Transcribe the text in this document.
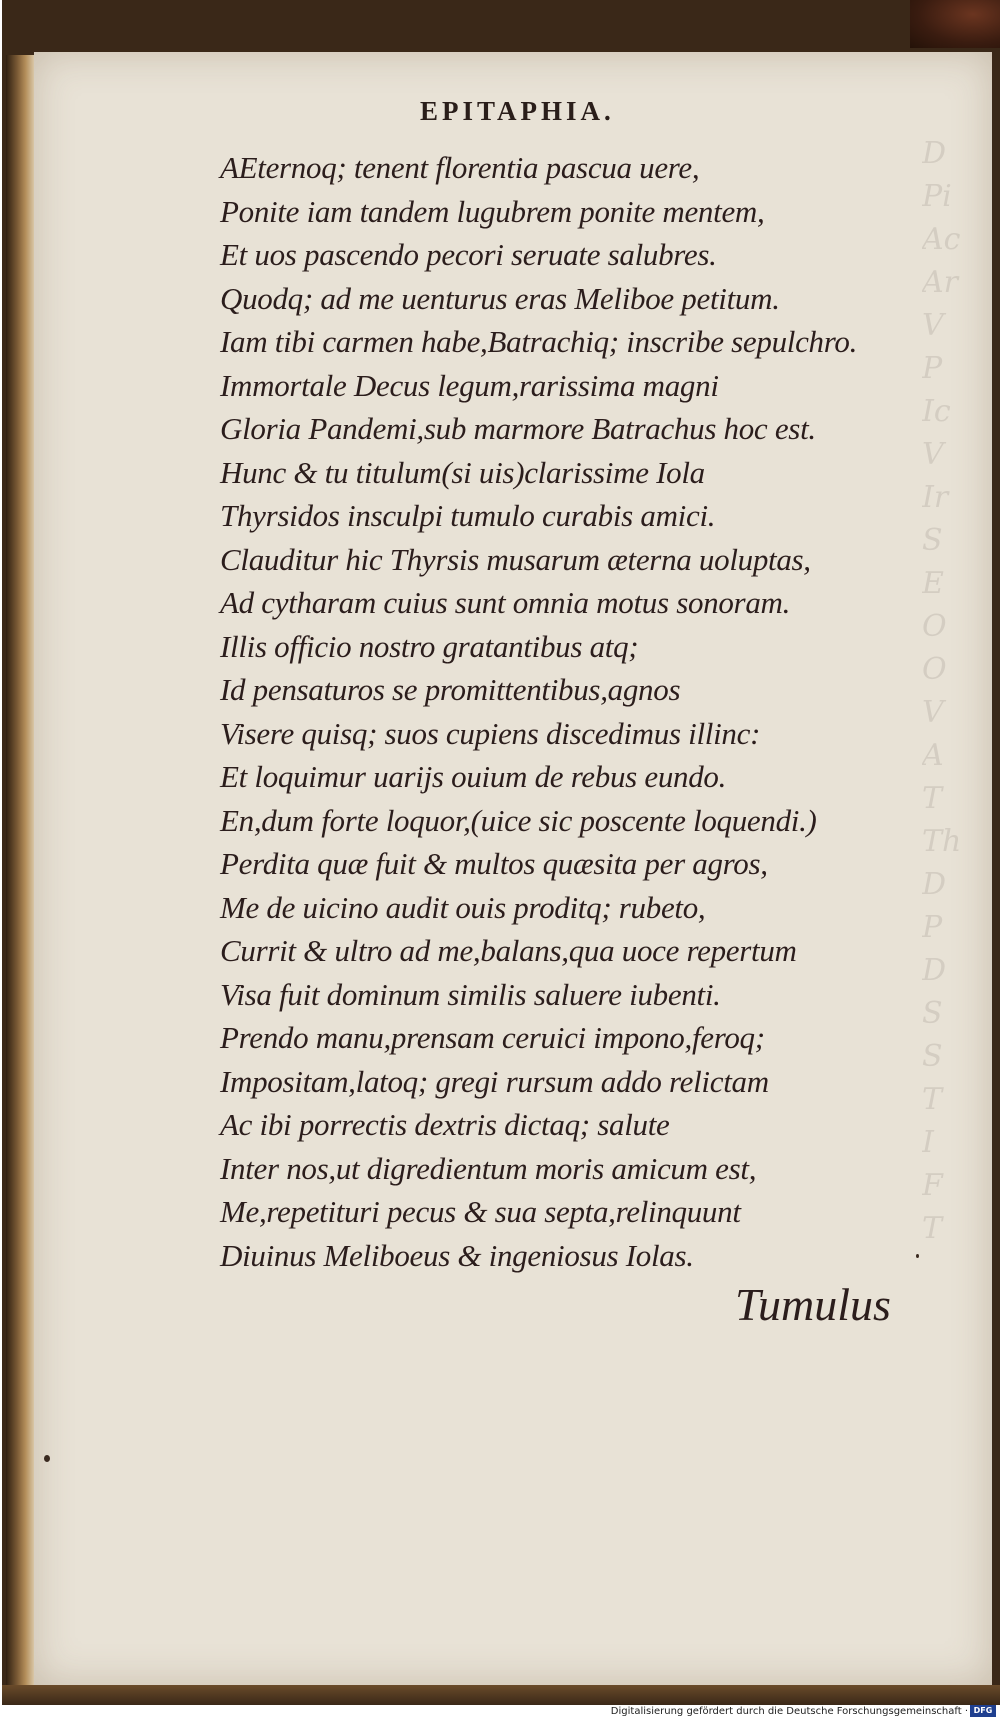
D
Pi
Ac
Ar
V
P
Ic
V
Ir
S
E
O
O
V
A
T
Th
D
P
D
S
S
T
I
F
T
EPITAPHIA.
AEternoq; tenent florentia pascua uere,
Ponite iam tandem lugubrem ponite mentem,
Et uos pascendo pecori seruate salubres.
Quodq; ad me uenturus eras Meliboe petitum.
Iam tibi carmen habe,Batrachiq; inscribe sepulchro.
Immortale Decus legum,rarissima magni
Gloria Pandemi,sub marmore Batrachus hoc est.
Hunc & tu titulum(si uis)clarissime Iola
Thyrsidos insculpi tumulo curabis amici.
Clauditur hic Thyrsis musarum æterna uoluptas,
Ad cytharam cuius sunt omnia motus sonoram.
Illis officio nostro gratantibus atq;
Id pensaturos se promittentibus,agnos
Visere quisq; suos cupiens discedimus illinc:
Et loquimur uarijs ouium de rebus eundo.
En,dum forte loquor,(uice sic poscente loquendi.)
Perdita quæ fuit & multos quæsita per agros,
Me de uicino audit ouis proditq; rubeto,
Currit & ultro ad me,balans,qua uoce repertum
Visa fuit dominum similis saluere iubenti.
Prendo manu,prensam ceruici impono,feroq;
Impositam,latoq; gregi rursum addo relictam
Ac ibi porrectis dextris dictaq; salute
Inter nos,ut digredientum moris amicum est,
Me,repetituri pecus & sua septa,relinquunt
Diuinus Meliboeus & ingeniosus Iolas.
Tumulus
Digitalisierung gefördert durch die Deutsche Forschungsgemeinschaft · DFG
